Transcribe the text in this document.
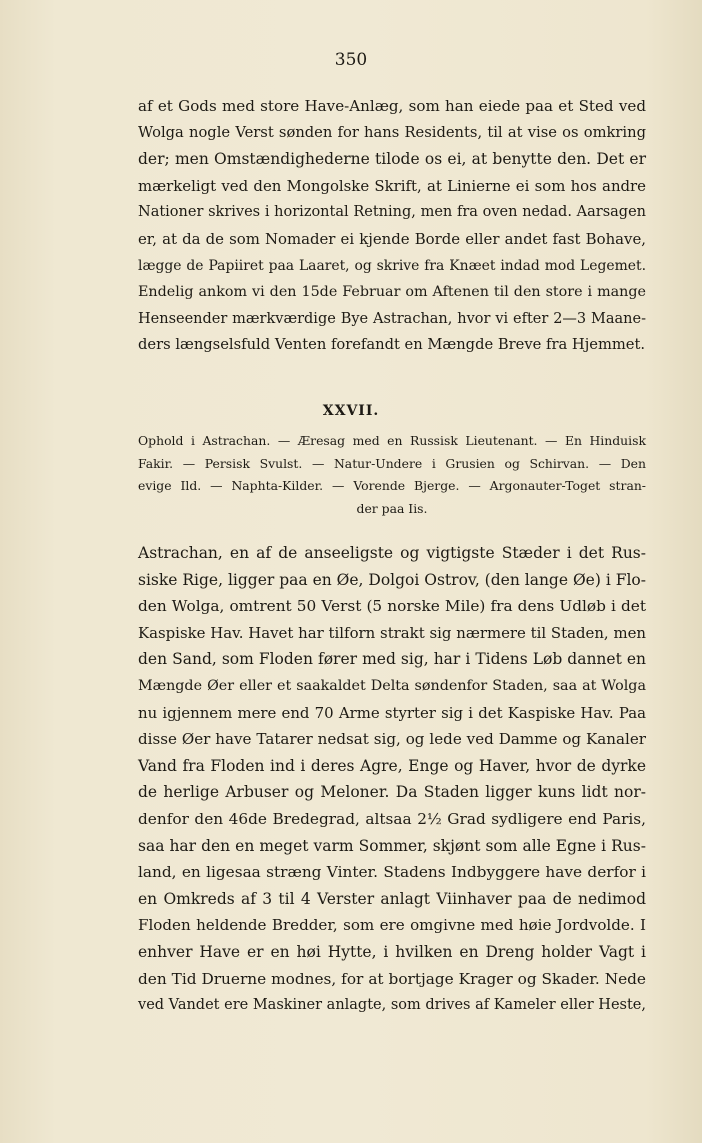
350
af et Gods med store Have-Anlæg, som han eiede paa et Sted ved
Wolga nogle Verst sønden for hans Residents, til at vise os omkring
der; men Omstændighederne tilode os ei, at benytte den. Det er
mærkeligt ved den Mongolske Skrift, at Linierne ei som hos andre
Nationer skrives i horizontal Retning, men fra oven nedad. Aarsagen
er, at da de som Nomader ei kjende Borde eller andet fast Bohave,
lægge de Papiiret paa Laaret, og skrive fra Knæet indad mod Legemet.
Endelig ankom vi den 15de Februar om Aftenen til den store i mange
Henseender mærkværdige Bye Astrachan, hvor vi efter 2—3 Maane-
ders længselsfuld Venten forefandt en Mængde Breve fra Hjemmet.
XXVII.
Ophold i Astrachan. — Æresag med en Russisk Lieutenant. — En Hinduisk
Fakir. — Persisk Svulst. — Natur-Undere i Grusien og Schirvan. — Den
evige Ild. — Naphta-Kilder. — Vorende Bjerge. — Argonauter-Toget stran-
der paa Iis.
Astrachan, en af de anseeligste og vigtigste Stæder i det Rus-
siske Rige, ligger paa en Øe, Dolgoi Ostrov, (den lange Øe) i Flo-
den Wolga, omtrent 50 Verst (5 norske Mile) fra dens Udløb i det
Kaspiske Hav. Havet har tilforn strakt sig nærmere til Staden, men
den Sand, som Floden fører med sig, har i Tidens Løb dannet en
Mængde Øer eller et saakaldet Delta søndenfor Staden, saa at Wolga
nu igjennem mere end 70 Arme styrter sig i det Kaspiske Hav. Paa
disse Øer have Tatarer nedsat sig, og lede ved Damme og Kanaler
Vand fra Floden ind i deres Agre, Enge og Haver, hvor de dyrke
de herlige Arbuser og Meloner. Da Staden ligger kuns lidt nor-
denfor den 46de Bredegrad, altsaa 2½ Grad sydligere end Paris,
saa har den en meget varm Sommer, skjønt som alle Egne i Rus-
land, en ligesaa stræng Vinter. Stadens Indbyggere have derfor i
en Omkreds af 3 til 4 Verster anlagt Viinhaver paa de nedimod
Floden heldende Bredder, som ere omgivne med høie Jordvolde. I
enhver Have er en høi Hytte, i hvilken en Dreng holder Vagt i
den Tid Druerne modnes, for at bortjage Krager og Skader. Nede
ved Vandet ere Maskiner anlagte, som drives af Kameler eller Heste,
